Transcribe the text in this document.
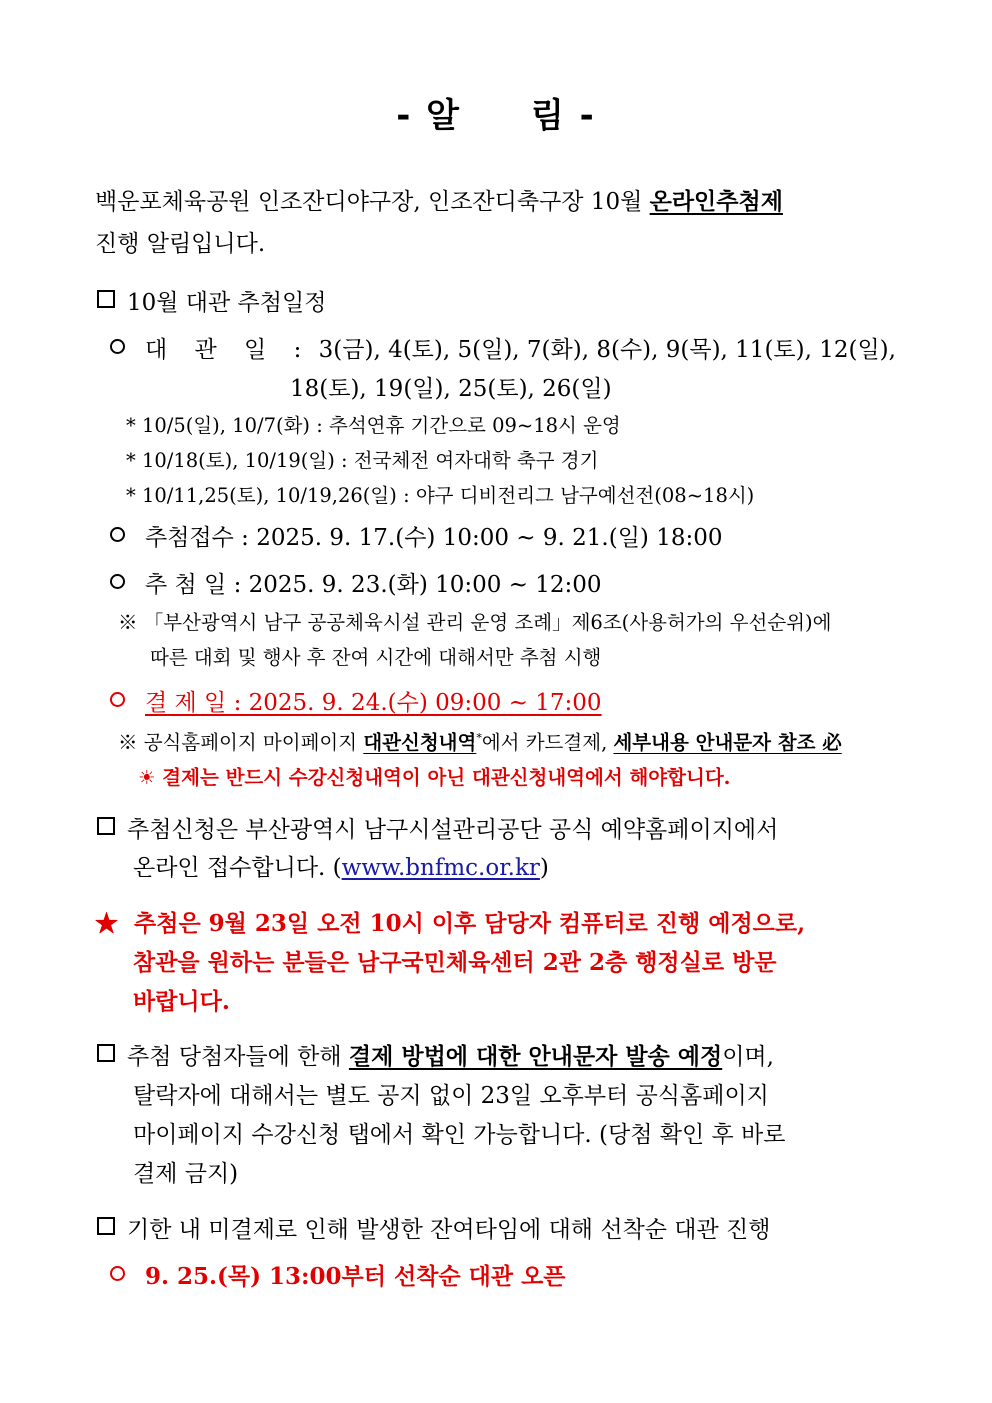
- 알 림 -
백운포체육공원 인조잔디야구장, 인조잔디축구장 10월 온라인추첨제
진행 알림입니다.
10월 대관 추첨일정
대 관 일 : 3(금), 4(토), 5(일), 7(화), 8(수), 9(목), 11(토), 12(일),
18(토), 19(일), 25(토), 26(일)
* 10/5(일), 10/7(화) : 추석연휴 기간으로 09~18시 운영
* 10/18(토), 10/19(일) : 전국체전 여자대학 축구 경기
* 10/11,25(토), 10/19,26(일) : 야구 디비전리그 남구예선전(08~18시)
추첨접수 : 2025. 9. 17.(수) 10:00 ~ 9. 21.(일) 18:00
추 첨 일 : 2025. 9. 23.(화) 10:00 ~ 12:00
※ 「부산광역시 남구 공공체육시설 관리 운영 조례」제6조(사용허가의 우선순위)에
따른 대회 및 행사 후 잔여 시간에 대해서만 추첨 시행
결 제 일 : 2025. 9. 24.(수) 09:00 ~ 17:00
※ 공식홈페이지 마이페이지 대관신청내역*에서 카드결제, 세부내용 안내문자 참조 必
☀ 결제는 반드시 수강신청내역이 아닌 대관신청내역에서 해야합니다.
추첨신청은 부산광역시 남구시설관리공단 공식 예약홈페이지에서
온라인 접수합니다. (www.bnfmc.or.kr)
★ 추첨은 9월 23일 오전 10시 이후 담당자 컴퓨터로 진행 예정으로,
참관을 원하는 분들은 남구국민체육센터 2관 2층 행정실로 방문
바랍니다.
추첨 당첨자들에 한해 결제 방법에 대한 안내문자 발송 예정이며,
탈락자에 대해서는 별도 공지 없이 23일 오후부터 공식홈페이지
마이페이지 수강신청 탭에서 확인 가능합니다. (당첨 확인 후 바로
결제 금지)
기한 내 미결제로 인해 발생한 잔여타임에 대해 선착순 대관 진행
9. 25.(목) 13:00부터 선착순 대관 오픈
